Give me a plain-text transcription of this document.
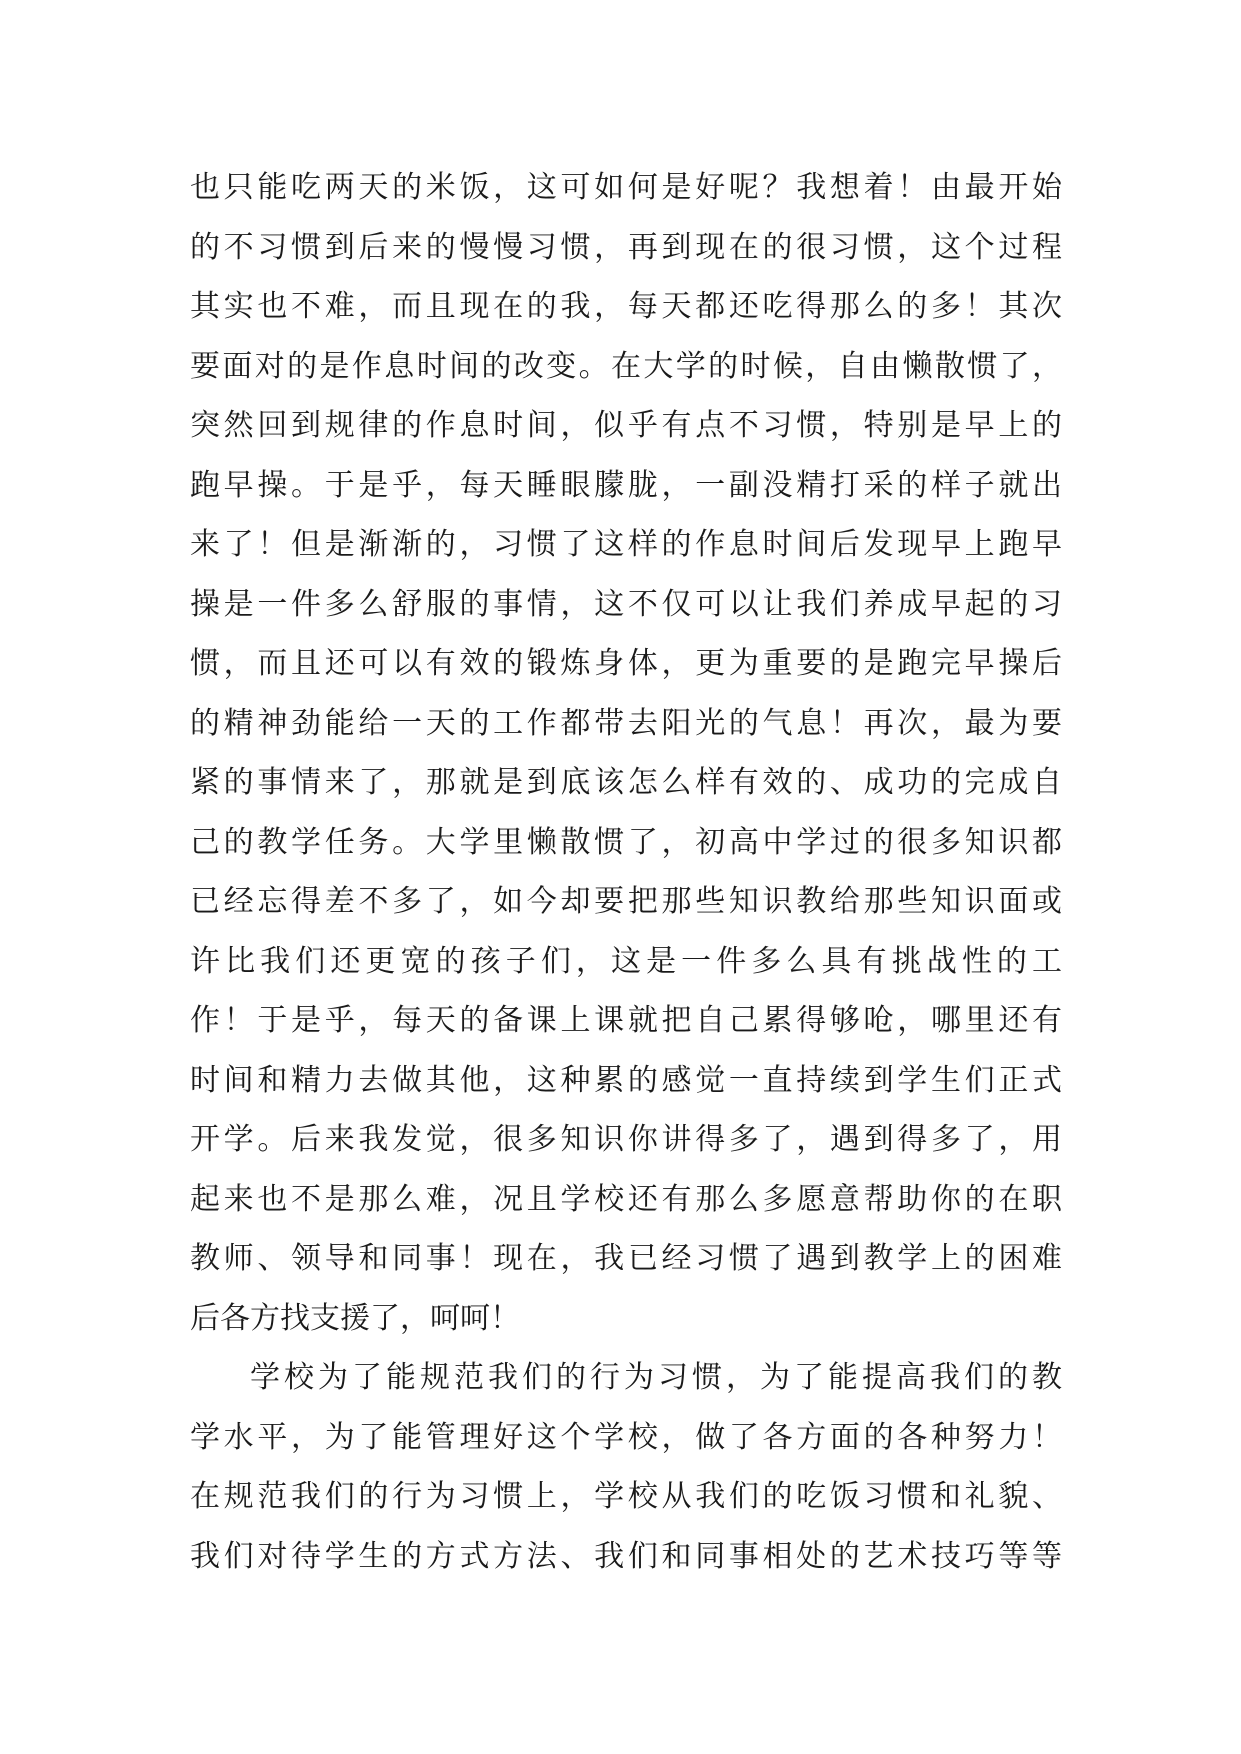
也只能吃两天的米饭，这可如何是好呢？我想着！由最开始
的不习惯到后来的慢慢习惯，再到现在的很习惯，这个过程
其实也不难，而且现在的我，每天都还吃得那么的多！其次
要面对的是作息时间的改变。在大学的时候，自由懒散惯了，
突然回到规律的作息时间，似乎有点不习惯，特别是早上的
跑早操。于是乎，每天睡眼朦胧，一副没精打采的样子就出
来了！但是渐渐的，习惯了这样的作息时间后发现早上跑早
操是一件多么舒服的事情，这不仅可以让我们养成早起的习
惯，而且还可以有效的锻炼身体，更为重要的是跑完早操后
的精神劲能给一天的工作都带去阳光的气息！再次，最为要
紧的事情来了，那就是到底该怎么样有效的、成功的完成自
己的教学任务。大学里懒散惯了，初高中学过的很多知识都
已经忘得差不多了，如今却要把那些知识教给那些知识面或
许比我们还更宽的孩子们，这是一件多么具有挑战性的工
作！于是乎，每天的备课上课就把自己累得够呛，哪里还有
时间和精力去做其他，这种累的感觉一直持续到学生们正式
开学。后来我发觉，很多知识你讲得多了，遇到得多了，用
起来也不是那么难，况且学校还有那么多愿意帮助你的在职
教师、领导和同事！现在，我已经习惯了遇到教学上的困难
后各方找支援了，呵呵！
学校为了能规范我们的行为习惯，为了能提高我们的教
学水平，为了能管理好这个学校，做了各方面的各种努力！
在规范我们的行为习惯上，学校从我们的吃饭习惯和礼貌、
我们对待学生的方式方法、我们和同事相处的艺术技巧等等
